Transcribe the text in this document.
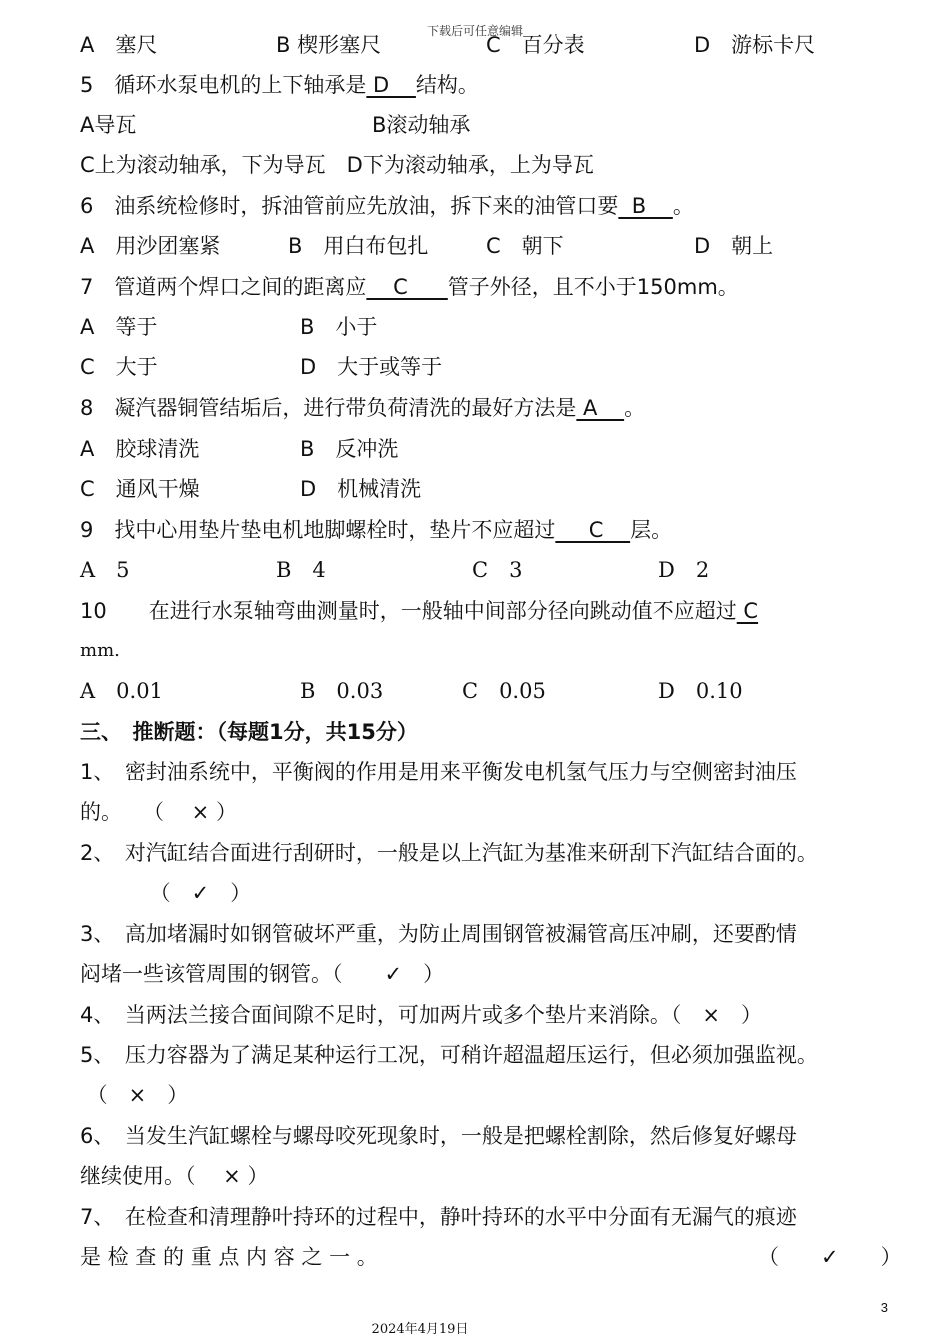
下载后可任意编辑
A　塞尺	B 楔形塞尺	C　百分表	D　游标卡尺
5　循环水泵电机的上下轴承是 D    结构。
A导瓦	B滚动轴承
C上为滚动轴承，下为导瓦　D下为滚动轴承，上为导瓦
6　油系统检修时，拆油管前应先放油，拆下来的油管口要  B    。
A　用沙团塞紧	B　用白布包扎	C　朝下	D　朝上
7　管道两个焊口之间的距离应    C      管子外径，且不小于150mm。
A　等于	B　小于
C　大于	D　大于或等于
8　凝汽器铜管结垢后，进行带负荷清洗的最好方法是 A    。
A　胶球清洗	B　反冲洗
C　通风干燥	D　机械清洗
9　找中心用垫片垫电机地脚螺栓时，垫片不应超过     C    层。
A　5	B　4	C　3	D　2
10　　在进行水泵轴弯曲测量时，一般轴中间部分径向跳动值不应超过 C
mm.
A　0.01	B　0.03	C　0.05	D　0.10
三、　推断题：（每题1分，共15分）
1、　密封油系统中，平衡阀的作用是用来平衡发电机氢气压力与空侧密封油压
的。　　（　 × ）
2、　对汽缸结合面进行刮研时，一般是以上汽缸为基准来研刮下汽缸结合面的。
　　　 （　✓　）
3、　高加堵漏时如钢管破坏严重，为防止周围钢管被漏管高压冲刷，还要酌情
闷堵一些该管周围的钢管。（　　✓　）
4、　当两法兰接合面间隙不足时，可加两片或多个垫片来消除。（　×　）
5、　压力容器为了满足某种运行工况，可稍许超温超压运行，但必须加强监视。
（　×　）
6、　当发生汽缸螺栓与螺母咬死现象时，一般是把螺栓割除，然后修复好螺母
继续使用。（　 × ）
7、　在检查和清理静叶持环的过程中，静叶持环的水平中分面有无漏气的痕迹
是 检 查 的 重 点 内 容 之 一 。	（　　✓　　）
3
2024年4月19日
